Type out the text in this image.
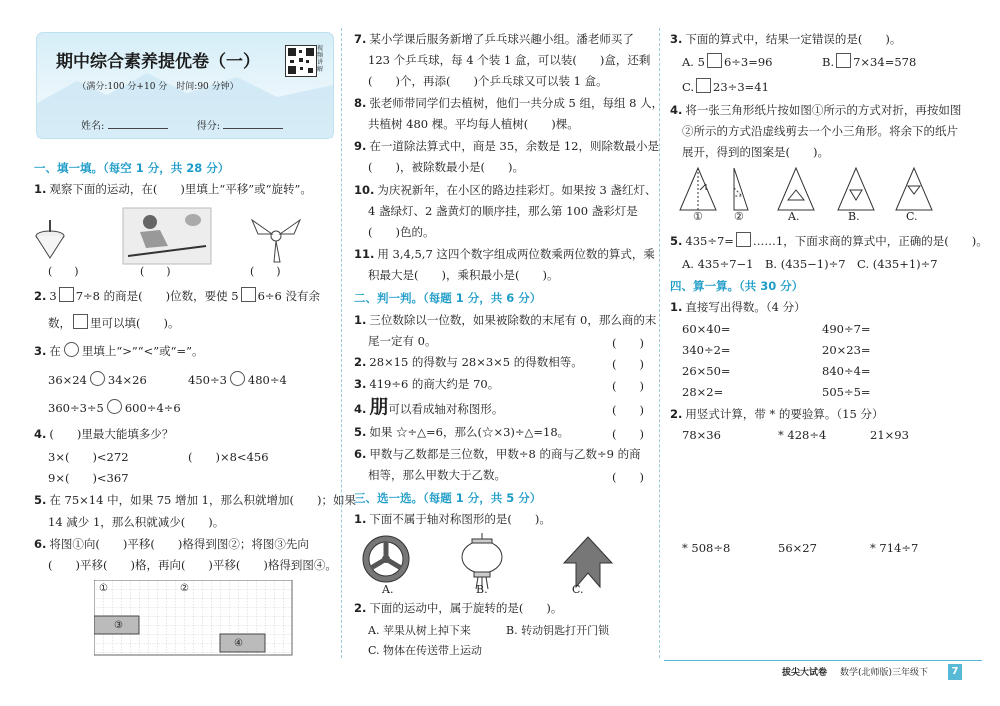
期中综合素养提优卷（一）
（满分:100 分+10 分　时间:90 分钟）
视频讲解
姓名:	得分:
一、填一填。（每空 1 分，共 28 分）
1. 观察下面的运动，在(　　)里填上“平移”或“旋转”。
(　　)	(　　)	(　　)
2. 3 7÷8 的商是(　　)位数，要使 5 6÷6 没有余
数， 里可以填(　　)。
3. 在 里填上“>”“<”或“=”。
36×24 34×26	450÷3 480÷4
360÷3÷5 600÷4÷6
4. (　　)里最大能填多少？
3×(　　)<272	(　　)×8<456
9×(　　)<367
5. 在 75×14 中，如果 75 增加 1，那么积就增加(　　)；如果
14 减少 1，那么积就减少(　　)。
6. 将图①向(　　)平移(　　)格得到图②；将图③先向
(　　)平移(　　)格，再向(　　)平移(　　)格得到图④。
①	②
③
④
7. 某小学课后服务新增了乒乓球兴趣小组。潘老师买了
123 个乒乓球，每 4 个装 1 盒，可以装(　　)盒，还剩
(　　)个，再添(　　)个乒乓球又可以装 1 盒。
8. 张老师带同学们去植树，他们一共分成 5 组，每组 8 人，
共植树 480 棵。平均每人植树(　　)棵。
9. 在一道除法算式中，商是 35，余数是 12，则除数最小是
(　　)，被除数最小是(　　)。
10. 为庆祝新年，在小区的路边挂彩灯。如果按 3 盏红灯、
4 盏绿灯、2 盏黄灯的顺序挂，那么第 100 盏彩灯是
(　　)色的。
11. 用 3,4,5,7 这四个数字组成两位数乘两位数的算式，乘
积最大是(　　)，乘积最小是(　　)。
二、判一判。（每题 1 分，共 6 分）
1. 三位数除以一位数，如果被除数的末尾有 0，那么商的末
尾一定有 0。	(　　)
2. 28×15 的得数与 28×3×5 的得数相等。	(　　)
3. 419÷6 的商大约是 70。	(　　)
4. 朋可以看成轴对称图形。	(　　)
5. 如果 ☆÷△=6，那么(☆×3)÷△=18。	(　　)
6. 甲数与乙数都是三位数，甲数÷8 的商与乙数÷9 的商
相等，那么甲数大于乙数。	(　　)
三、选一选。（每题 1 分，共 5 分）
1. 下面不属于轴对称图形的是(　　)。
A.	B.	C.
2. 下面的运动中，属于旋转的是(　　)。
A. 苹果从树上掉下来	B. 转动钥匙打开门锁
C. 物体在传送带上运动
3. 下面的算式中，结果一定错误的是(　　)。
A. 5 6÷3=96	B. 7×34=578
C. 23÷3=41
4. 将一张三角形纸片按如图①所示的方式对折，再按如图
②所示的方式沿虚线剪去一个小三角形。将余下的纸片
展开，得到的图案是(　　)。
①	②	A.	B.	C.
5. 435÷7= ……1，下面求商的算式中，正确的是(　　)。
A. 435÷7−1　B. (435−1)÷7　C. (435+1)÷7
四、算一算。（共 30 分）
1. 直接写出得数。（4 分）
60×40=	490÷7=
340÷2=	20×23=
26×50=	840÷4=
28×2=	505÷5=
2. 用竖式计算，带 * 的要验算。（15 分）
78×36	* 428÷4	21×93
* 508÷8	56×27	* 714÷7
拔尖大试卷 数学(北师版)三年级下	7
